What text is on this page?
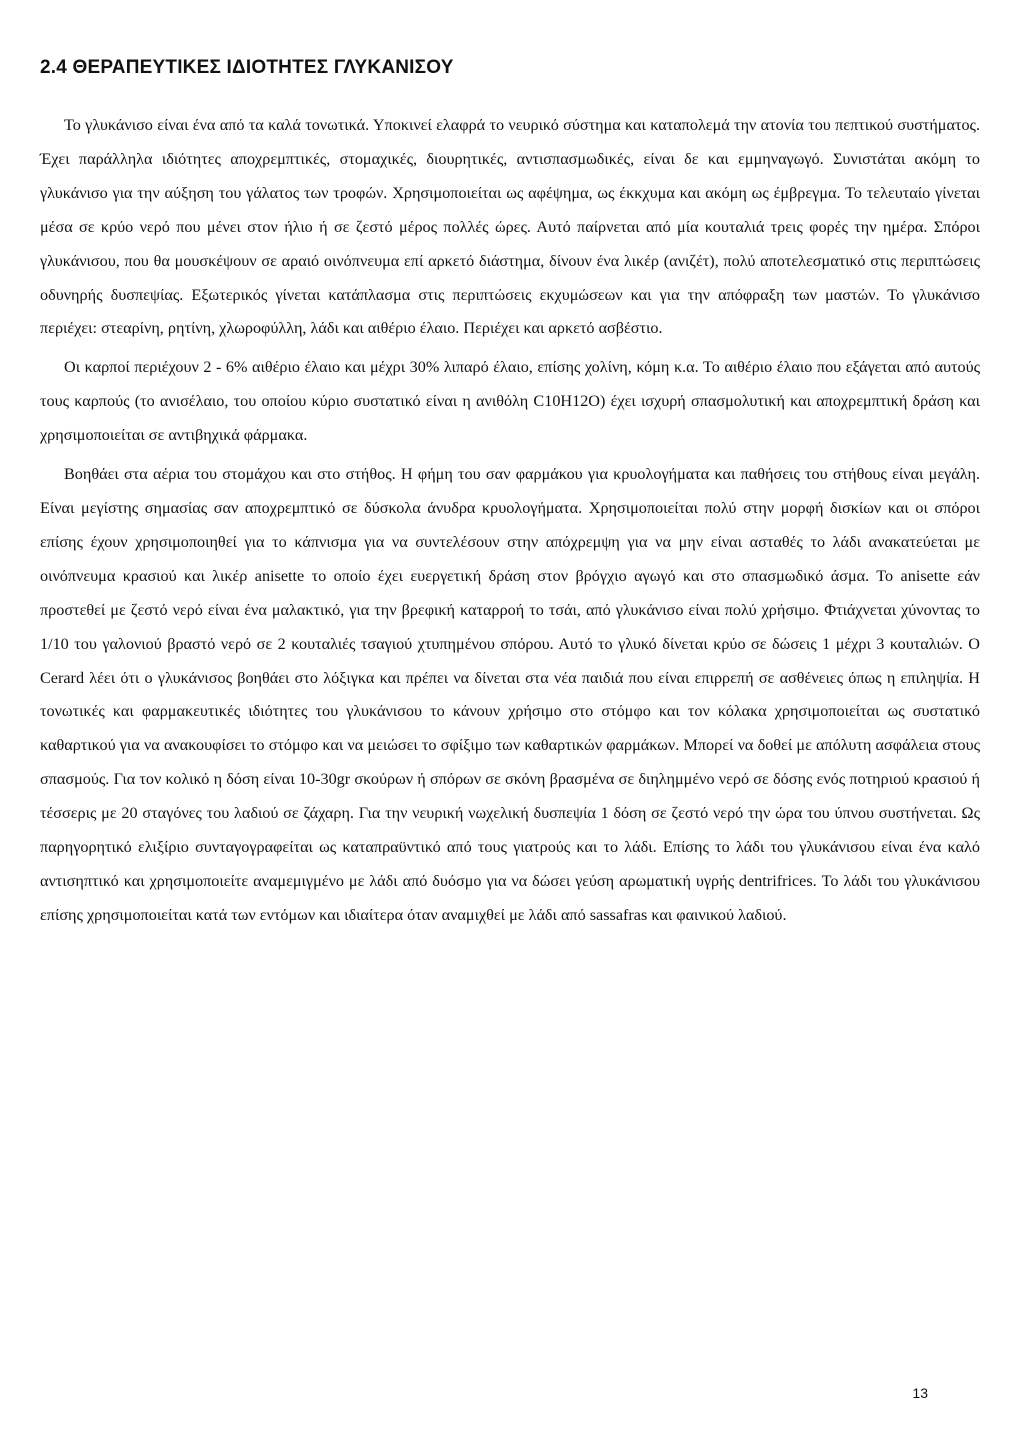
2.4 ΘΕΡΑΠΕΥΤΙΚΕΣ ΙΔΙΟΤΗΤΕΣ ΓΛΥΚΑΝΙΣΟΥ

Το γλυκάνισο είναι ένα από τα καλά τονωτικά. Υποκινεί ελαφρά το νευρικό σύστημα και καταπολεμά την ατονία του πεπτικού συστήματος. Έχει παράλληλα ιδιότητες αποχρεμπτικές, στομαχικές, διουρητικές, αντισπασμωδικές, είναι δε και εμμηναγωγό. Συνιστάται ακόμη το γλυκάνισο για την αύξηση του γάλατος των τροφών. Χρησιμοποιείται ως αφέψημα, ως έκκχυμα και ακόμη ως έμβρεγμα. Το τελευταίο γίνεται μέσα σε κρύο νερό που μένει στον ήλιο ή σε ζεστό μέρος πολλές ώρες. Αυτό παίρνεται από μία κουταλιά τρεις φορές την ημέρα. Σπόροι γλυκάνισου, που θα μουσκέψουν σε αραιό οινόπνευμα επί αρκετό διάστημα, δίνουν ένα λικέρ (ανιζέτ), πολύ αποτελεσματικό στις περιπτώσεις οδυνηρής δυσπεψίας. Εξωτερικός γίνεται κατάπλασμα στις περιπτώσεις εκχυμώσεων και για την απόφραξη των μαστών. Το γλυκάνισο περιέχει: στεαρίνη, ρητίνη, χλωροφύλλη, λάδι και αιθέριο έλαιο. Περιέχει και αρκετό ασβέστιο.

Οι καρποί περιέχουν 2 - 6% αιθέριο έλαιο και μέχρι 30% λιπαρό έλαιο, επίσης χολίνη, κόμη κ.α. Το αιθέριο έλαιο που εξάγεται από αυτούς τους καρπούς (το ανισέλαιο, του οποίου κύριο συστατικό είναι η ανιθόλη C10H12O) έχει ισχυρή σπασμολυτική και αποχρεμπτική δράση και χρησιμοποιείται σε αντιβηχικά φάρμακα.

Βοηθάει στα αέρια του στομάχου και στο στήθος. Η φήμη του σαν φαρμάκου για κρυολογήματα και παθήσεις του στήθους είναι μεγάλη. Είναι μεγίστης σημασίας σαν αποχρεμπτικό σε δύσκολα άνυδρα κρυολογήματα. Χρησιμοποιείται πολύ στην μορφή δισκίων και οι σπόροι επίσης έχουν χρησιμοποιηθεί για το κάπνισμα για να συντελέσουν στην απόχρεμψη για να μην είναι ασταθές το λάδι ανακατεύεται με οινόπνευμα κρασιού και λικέρ anisette το οποίο έχει ευεργετική δράση στον βρόγχιο αγωγό και στο σπασμωδικό άσμα. Το anisette εάν προστεθεί με ζεστό νερό είναι ένα μαλακτικό, για την βρεφική καταρροή το τσάι, από γλυκάνισο είναι πολύ χρήσιμο. Φτιάχνεται χύνοντας το 1/10 του γαλονιού βραστό νερό σε 2 κουταλιές τσαγιού χτυπημένου σπόρου. Αυτό το γλυκό δίνεται κρύο σε δώσεις 1 μέχρι 3 κουταλιών. Ο Cerard λέει ότι ο γλυκάνισος βοηθάει στο λόξιγκα και πρέπει να δίνεται στα νέα παιδιά που είναι επιρρεπή σε ασθένειες όπως η επιληψία. Η τονωτικές και φαρμακευτικές ιδιότητες του γλυκάνισου το κάνουν χρήσιμο στο στόμφο και τον κόλακα χρησιμοποιείται ως συστατικό καθαρτικού για να ανακουφίσει το στόμφο και να μειώσει το σφίξιμο των καθαρτικών φαρμάκων. Μπορεί να δοθεί με απόλυτη ασφάλεια στους σπασμούς. Για τον κολικό η δόση είναι 10-30gr σκούρων ή σπόρων σε σκόνη βρασμένα σε διηλημμένο νερό σε δόσης ενός ποτηριού κρασιού ή τέσσερις με 20 σταγόνες του λαδιού σε ζάχαρη. Για την νευρική νωχελική δυσπεψία 1 δόση σε ζεστό νερό την ώρα του ύπνου συστήνεται. Ως παρηγορητικό ελιξίριο συνταγογραφείται ως καταπραϋντικό από τους γιατρούς και το λάδι. Επίσης το λάδι του γλυκάνισου είναι ένα καλό αντισηπτικό και χρησιμοποιείτε αναμεμιγμένο με λάδι από δυόσμο για να δώσει γεύση αρωματική υγρής dentrifrices. Το λάδι του γλυκάνισου επίσης χρησιμοποιείται κατά των εντόμων και ιδιαίτερα όταν αναμιχθεί με λάδι από sassafras και φαινικού λαδιού.

13
